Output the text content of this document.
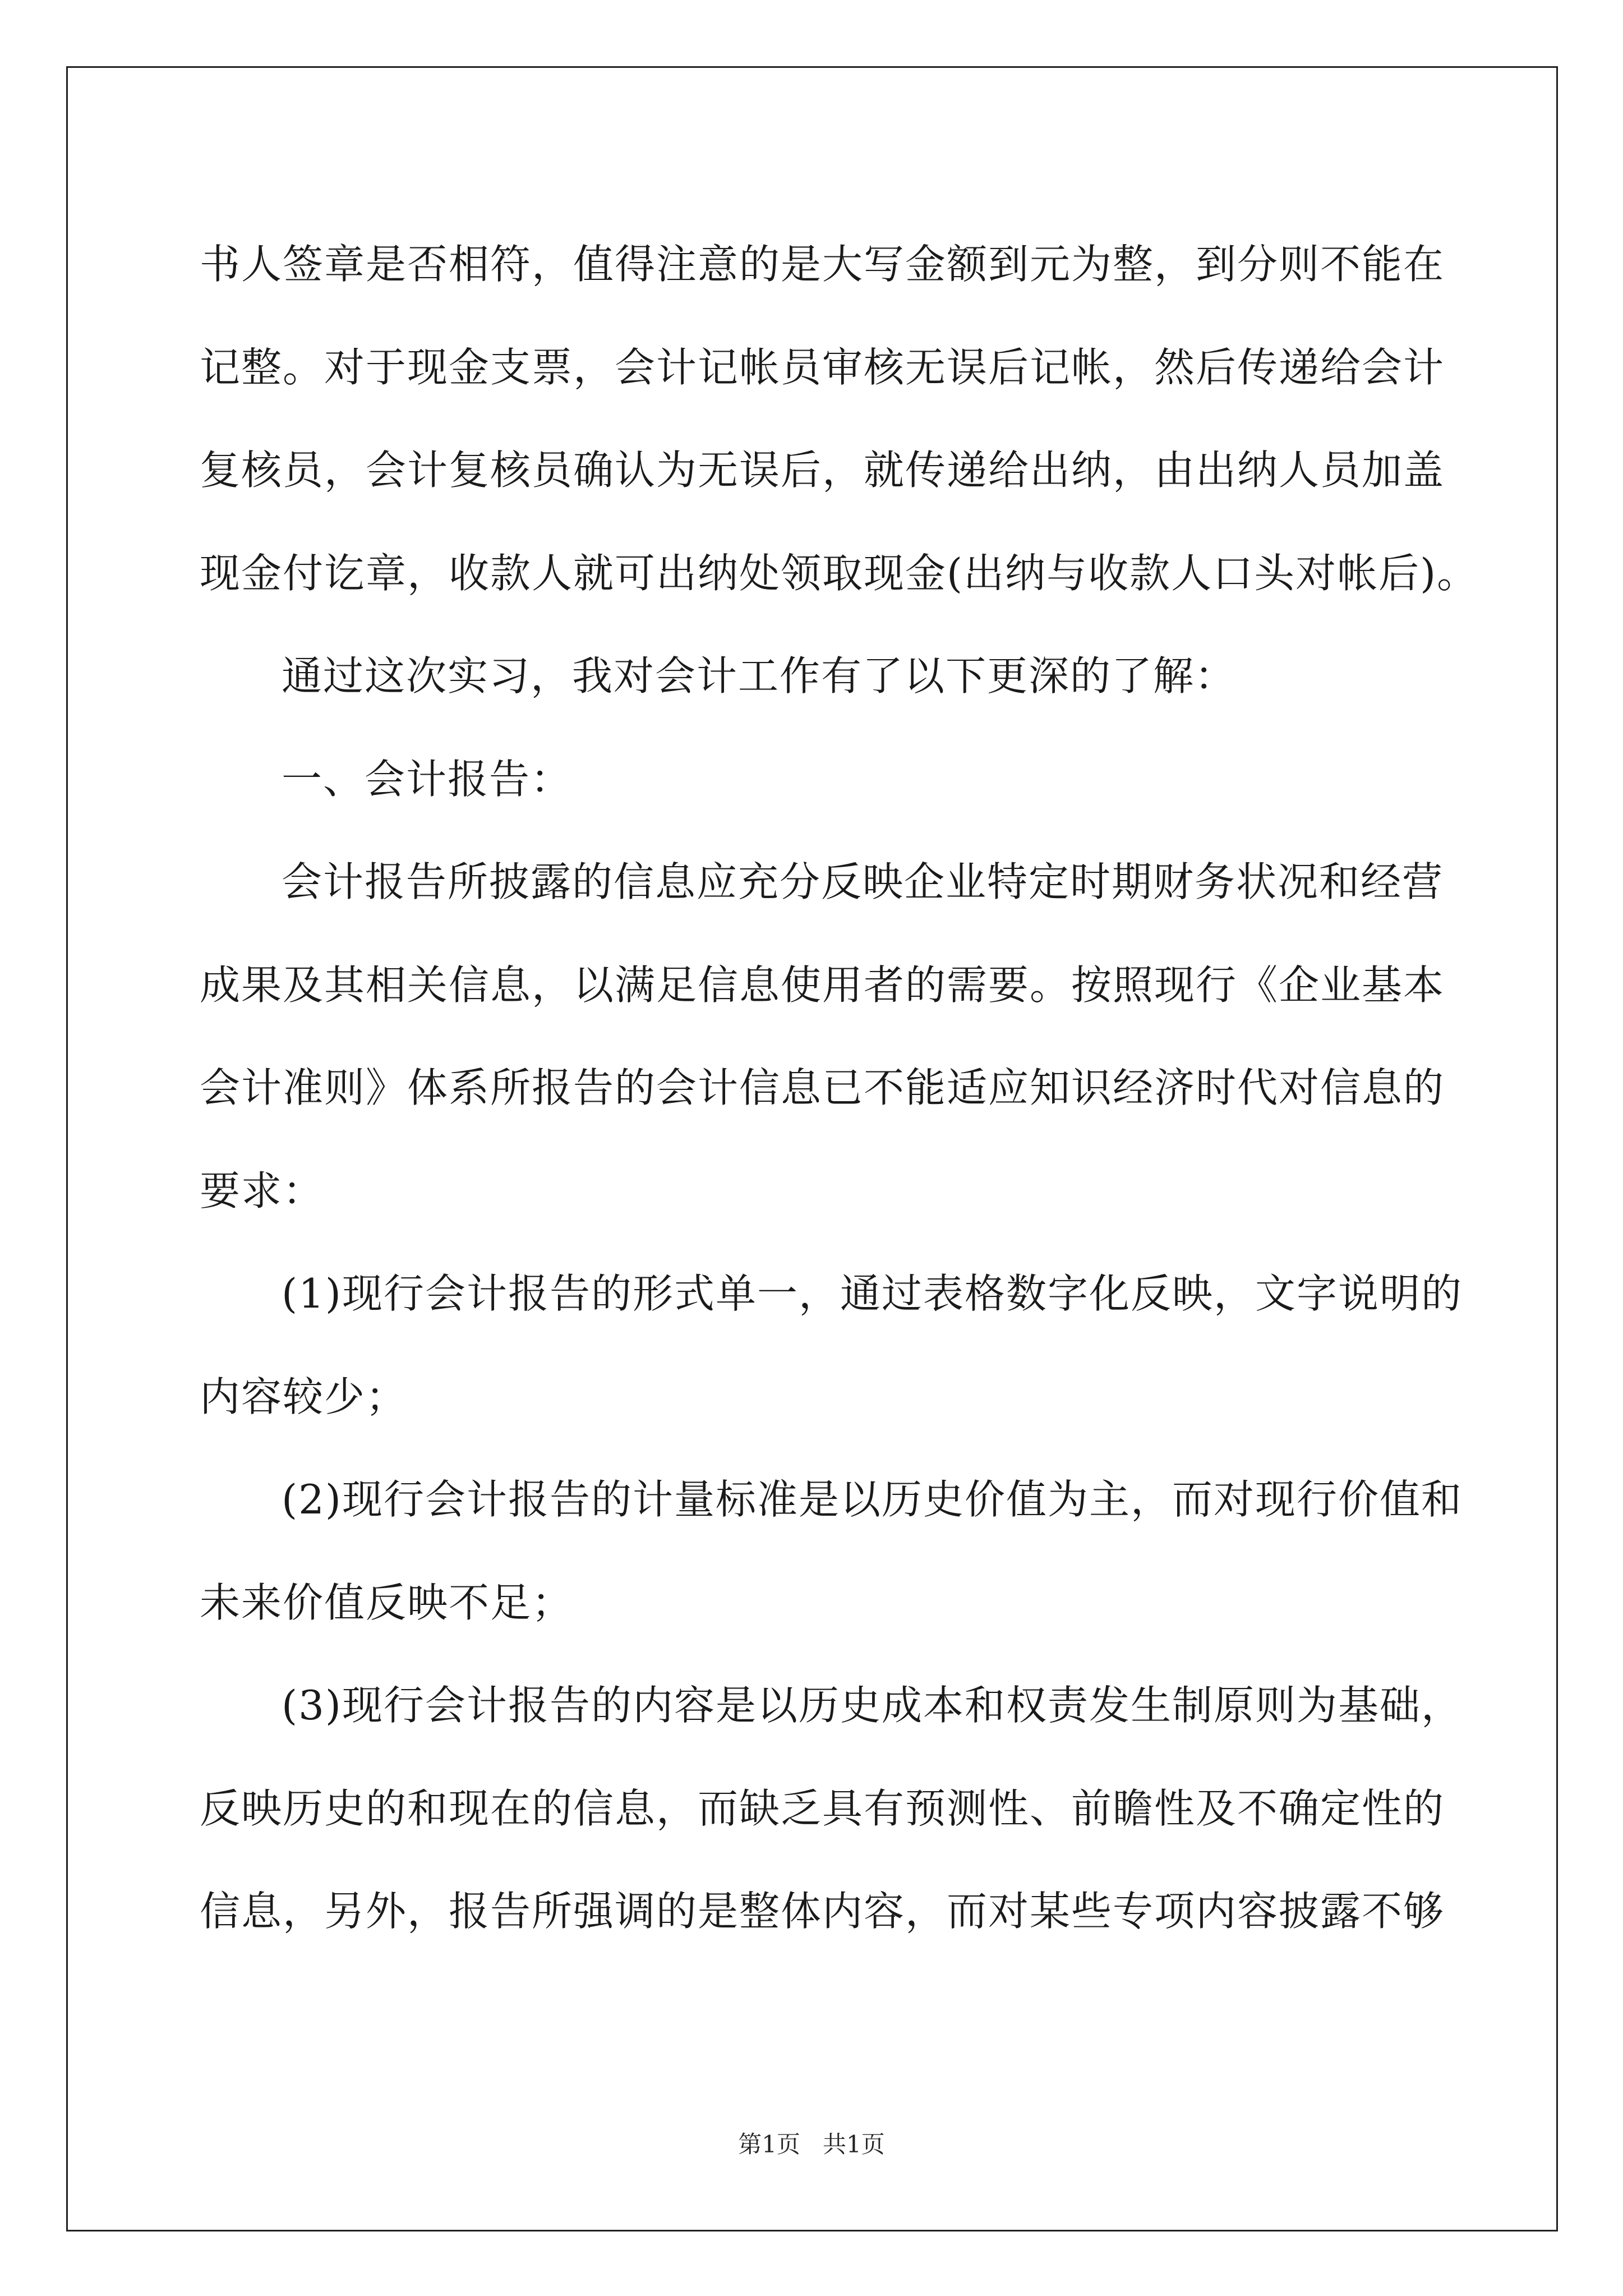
书人签章是否相符，值得注意的是大写金额到元为整，到分则不能在
记整。对于现金支票，会计记帐员审核无误后记帐，然后传递给会计
复核员，会计复核员确认为无误后，就传递给出纳，由出纳人员加盖
现金付讫章，收款人就可出纳处领取现金(出纳与收款人口头对帐后)。
通过这次实习，我对会计工作有了以下更深的了解：
一、会计报告：
会计报告所披露的信息应充分反映企业特定时期财务状况和经营
成果及其相关信息，以满足信息使用者的需要。按照现行《企业基本
会计准则》体系所报告的会计信息已不能适应知识经济时代对信息的
要求：
(1)现行会计报告的形式单一，通过表格数字化反映，文字说明的
内容较少；
(2)现行会计报告的计量标准是以历史价值为主，而对现行价值和
未来价值反映不足；
(3)现行会计报告的内容是以历史成本和权责发生制原则为基础，
反映历史的和现在的信息，而缺乏具有预测性、前瞻性及不确定性的
信息，另外，报告所强调的是整体内容，而对某些专项内容披露不够
第1页   共1页
